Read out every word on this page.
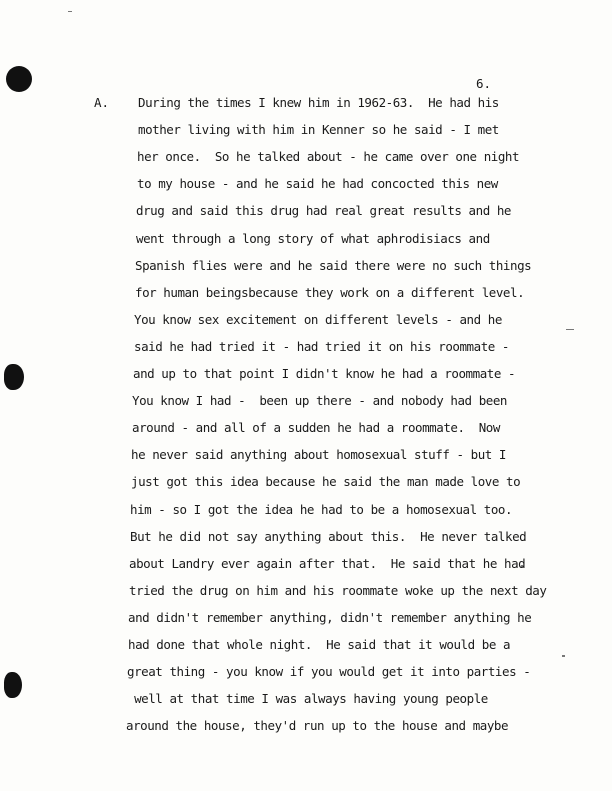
6.
A. During the times I knew him in 1962-63.  He had his
mother living with him in Kenner so he said - I met
her once.  So he talked about - he came over one night
to my house - and he said he had concocted this new
drug and said this drug had real great results and he
went through a long story of what aphrodisiacs and
Spanish flies were and he said there were no such things
for human beingsbecause they work on a different level.
You know sex excitement on different levels - and he
said he had tried it - had tried it on his roommate -
and up to that point I didn't know he had a roommate -
You know I had -  been up there - and nobody had been
around - and all of a sudden he had a roommate.  Now
he never said anything about homosexual stuff - but I
just got this idea because he said the man made love to
him - so I got the idea he had to be a homosexual too.
But he did not say anything about this.  He never talked
about Landry ever again after that.  He said that he had
tried the drug on him and his roommate woke up the next day
and didn't remember anything, didn't remember anything he
had done that whole night.  He said that it would be a
great thing - you know if you would get it into parties -
well at that time I was always having young people
around the house, they'd run up to the house and maybe
